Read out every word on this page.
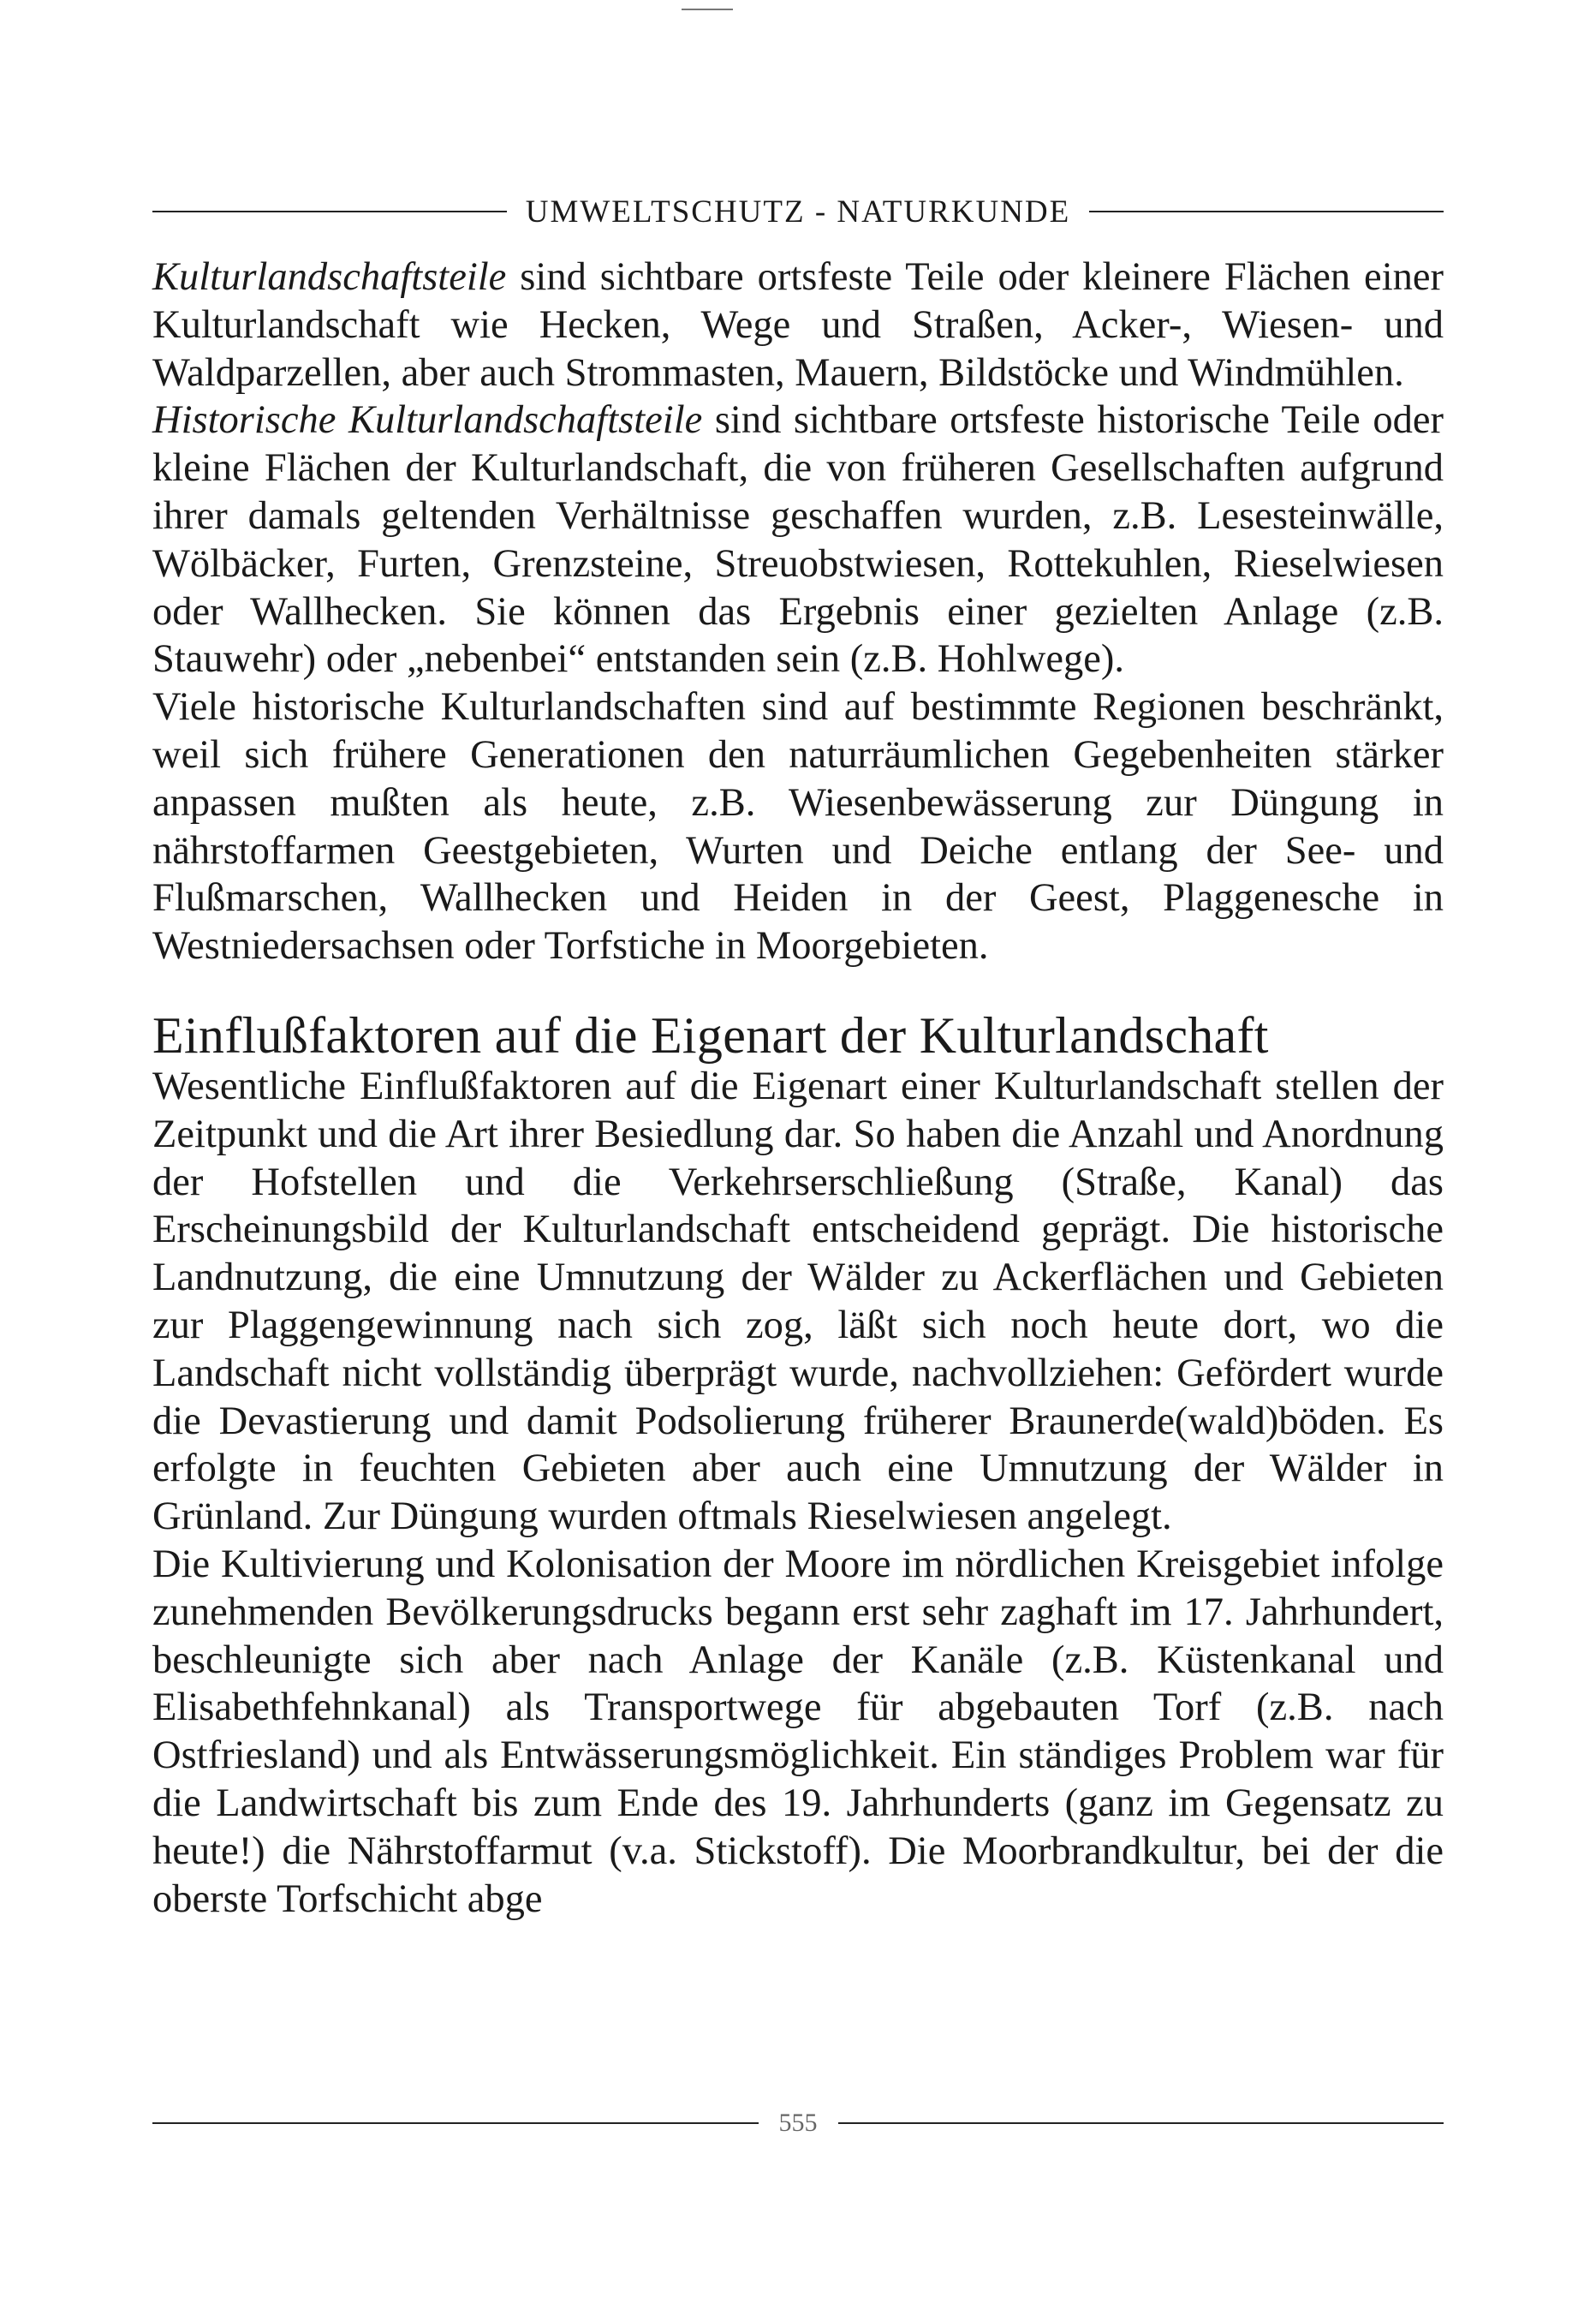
UMWELTSCHUTZ - NATURKUNDE

Kulturlandschaftsteile sind sichtbare ortsfeste Teile oder kleinere Flächen einer Kulturlandschaft wie Hecken, Wege und Straßen, Acker-, Wiesen- und Waldparzellen, aber auch Strommasten, Mauern, Bildstöcke und Windmühlen.

Historische Kulturlandschaftsteile sind sichtbare ortsfeste historische Teile oder kleine Flächen der Kulturlandschaft, die von früheren Gesellschaften aufgrund ihrer damals geltenden Verhältnisse geschaffen wurden, z.B. Lesesteinwälle, Wölbäcker, Furten, Grenzsteine, Streuobstwiesen, Rottekuhlen, Rieselwiesen oder Wallhecken. Sie können das Ergebnis einer gezielten Anlage (z.B. Stauwehr) oder „nebenbei“ entstanden sein (z.B. Hohlwege).

Viele historische Kulturlandschaften sind auf bestimmte Regionen beschränkt, weil sich frühere Generationen den naturräumlichen Gegebenheiten stärker anpassen mußten als heute, z.B. Wiesenbewässerung zur Düngung in nährstoffarmen Geestgebieten, Wurten und Deiche entlang der See- und Flußmarschen, Wallhecken und Heiden in der Geest, Plaggenesche in Westniedersachsen oder Torfstiche in Moorgebieten.

Einflußfaktoren auf die Eigenart der Kulturlandschaft

Wesentliche Einflußfaktoren auf die Eigenart einer Kulturlandschaft stellen der Zeitpunkt und die Art ihrer Besiedlung dar. So haben die Anzahl und Anordnung der Hofstellen und die Verkehrserschließung (Straße, Kanal) das Erscheinungsbild der Kulturlandschaft entscheidend geprägt. Die historische Landnutzung, die eine Umnutzung der Wälder zu Ackerflächen und Gebieten zur Plaggengewinnung nach sich zog, läßt sich noch heute dort, wo die Landschaft nicht vollständig überprägt wurde, nachvollziehen: Gefördert wurde die Devastierung und damit Podsolierung früherer Braunerde(wald)böden. Es erfolgte in feuchten Gebieten aber auch eine Umnutzung der Wälder in Grünland. Zur Düngung wurden oftmals Rieselwiesen angelegt.

Die Kultivierung und Kolonisation der Moore im nördlichen Kreisgebiet infolge zunehmenden Bevölkerungsdrucks begann erst sehr zaghaft im 17. Jahrhundert, beschleunigte sich aber nach Anlage der Kanäle (z.B. Küstenkanal und Elisabethfehnkanal) als Transportwege für abgebauten Torf (z.B. nach Ostfriesland) und als Entwässerungsmöglichkeit. Ein ständiges Problem war für die Landwirtschaft bis zum Ende des 19. Jahrhunderts (ganz im Gegensatz zu heute!) die Nährstoffarmut (v.a. Stickstoff). Die Moorbrandkultur, bei der die oberste Torfschicht abge

555
